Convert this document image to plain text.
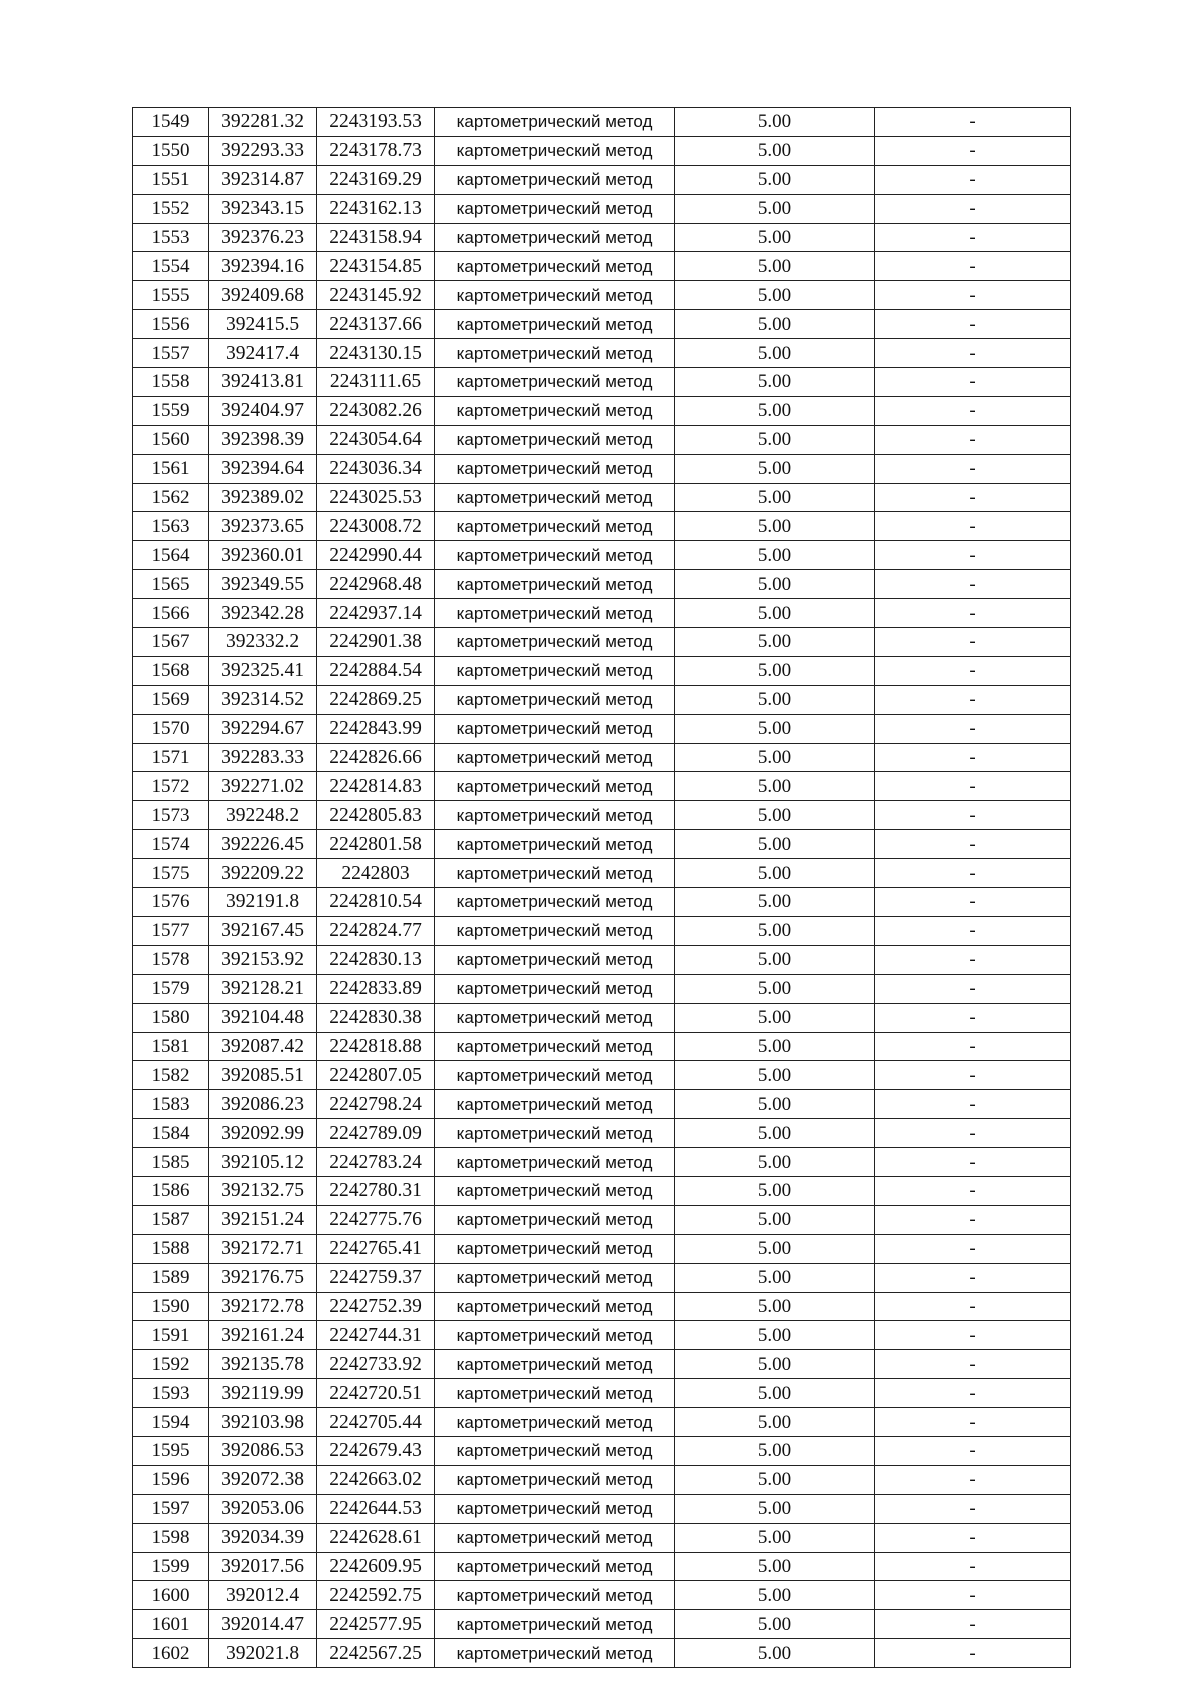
1549	392281.32	2243193.53	картометрический метод	5.00	-
1550	392293.33	2243178.73	картометрический метод	5.00	-
1551	392314.87	2243169.29	картометрический метод	5.00	-
1552	392343.15	2243162.13	картометрический метод	5.00	-
1553	392376.23	2243158.94	картометрический метод	5.00	-
1554	392394.16	2243154.85	картометрический метод	5.00	-
1555	392409.68	2243145.92	картометрический метод	5.00	-
1556	392415.5	2243137.66	картометрический метод	5.00	-
1557	392417.4	2243130.15	картометрический метод	5.00	-
1558	392413.81	2243111.65	картометрический метод	5.00	-
1559	392404.97	2243082.26	картометрический метод	5.00	-
1560	392398.39	2243054.64	картометрический метод	5.00	-
1561	392394.64	2243036.34	картометрический метод	5.00	-
1562	392389.02	2243025.53	картометрический метод	5.00	-
1563	392373.65	2243008.72	картометрический метод	5.00	-
1564	392360.01	2242990.44	картометрический метод	5.00	-
1565	392349.55	2242968.48	картометрический метод	5.00	-
1566	392342.28	2242937.14	картометрический метод	5.00	-
1567	392332.2	2242901.38	картометрический метод	5.00	-
1568	392325.41	2242884.54	картометрический метод	5.00	-
1569	392314.52	2242869.25	картометрический метод	5.00	-
1570	392294.67	2242843.99	картометрический метод	5.00	-
1571	392283.33	2242826.66	картометрический метод	5.00	-
1572	392271.02	2242814.83	картометрический метод	5.00	-
1573	392248.2	2242805.83	картометрический метод	5.00	-
1574	392226.45	2242801.58	картометрический метод	5.00	-
1575	392209.22	2242803	картометрический метод	5.00	-
1576	392191.8	2242810.54	картометрический метод	5.00	-
1577	392167.45	2242824.77	картометрический метод	5.00	-
1578	392153.92	2242830.13	картометрический метод	5.00	-
1579	392128.21	2242833.89	картометрический метод	5.00	-
1580	392104.48	2242830.38	картометрический метод	5.00	-
1581	392087.42	2242818.88	картометрический метод	5.00	-
1582	392085.51	2242807.05	картометрический метод	5.00	-
1583	392086.23	2242798.24	картометрический метод	5.00	-
1584	392092.99	2242789.09	картометрический метод	5.00	-
1585	392105.12	2242783.24	картометрический метод	5.00	-
1586	392132.75	2242780.31	картометрический метод	5.00	-
1587	392151.24	2242775.76	картометрический метод	5.00	-
1588	392172.71	2242765.41	картометрический метод	5.00	-
1589	392176.75	2242759.37	картометрический метод	5.00	-
1590	392172.78	2242752.39	картометрический метод	5.00	-
1591	392161.24	2242744.31	картометрический метод	5.00	-
1592	392135.78	2242733.92	картометрический метод	5.00	-
1593	392119.99	2242720.51	картометрический метод	5.00	-
1594	392103.98	2242705.44	картометрический метод	5.00	-
1595	392086.53	2242679.43	картометрический метод	5.00	-
1596	392072.38	2242663.02	картометрический метод	5.00	-
1597	392053.06	2242644.53	картометрический метод	5.00	-
1598	392034.39	2242628.61	картометрический метод	5.00	-
1599	392017.56	2242609.95	картометрический метод	5.00	-
1600	392012.4	2242592.75	картометрический метод	5.00	-
1601	392014.47	2242577.95	картометрический метод	5.00	-
1602	392021.8	2242567.25	картометрический метод	5.00	-
